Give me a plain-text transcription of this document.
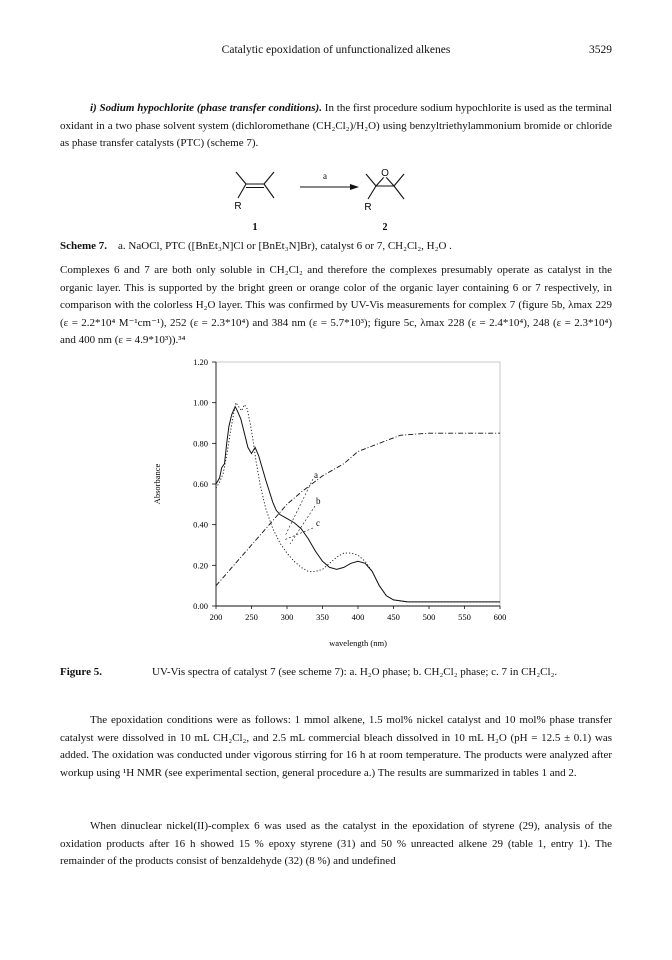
Catalytic epoxidation of unfunctionalized alkenes	3529
i) Sodium hypochlorite (phase transfer conditions). In the first procedure sodium hypochlorite is used as the terminal oxidant in a two phase solvent system (dichloromethane (CH₂Cl₂)/H₂O) using benzyltriethylammonium bromide or chloride as phase transfer catalysts (PTC) (scheme 7).
a
R	R
O
1	2
Scheme 7. a. NaOCl, PTC ([BnEt₃N]Cl or [BnEt₃N]Br), catalyst 6 or 7, CH₂Cl₂, H₂O .
Complexes 6 and 7 are both only soluble in CH₂Cl₂ and therefore the complexes presumably operate as catalyst in the organic layer. This is supported by the bright green or orange color of the organic layer containing 6 or 7 respectively, in comparison with the colorless H₂O layer. This was confirmed by UV-Vis measurements for complex 7 (figure 5b, λmax 229 (ε = 2.2*10⁴ M⁻¹cm⁻¹), 252 (ε = 2.3*10⁴) and 384 nm (ε = 5.7*10³); figure 5c, λmax 228 (ε = 2.4*10⁴), 248 (ε = 2.3*10⁴) and 400 nm (ε = 4.9*10³)).³⁴
0.00
0.20
0.40
0.60
0.80
1.00
1.20
200	250	300	350	400	450	500	550	600
a
b
c
Absorbance
wavelength (nm)
Figure 5.	UV-Vis spectra of catalyst 7 (see scheme 7): a. H₂O phase; b. CH₂Cl₂ phase; c. 7 in CH₂Cl₂.
The epoxidation conditions were as follows: 1 mmol alkene, 1.5 mol% nickel catalyst and 10 mol% phase transfer catalyst were dissolved in 10 mL CH₂Cl₂, and 2.5 mL commercial bleach dissolved in 10 mL H₂O (pH = 12.5 ± 0.1) was added. The oxidation was conducted under vigorous stirring for 16 h at room temperature. The products were analyzed after workup using ¹H NMR (see experimental section, general procedure a.) The results are summarized in tables 1 and 2.
When dinuclear nickel(II)-complex 6 was used as the catalyst in the epoxidation of styrene (29), analysis of the oxidation products after 16 h showed 15 % epoxy styrene (31) and 50 % unreacted alkene 29 (table 1, entry 1). The remainder of the products consist of benzaldehyde (32) (8 %) and undefined
